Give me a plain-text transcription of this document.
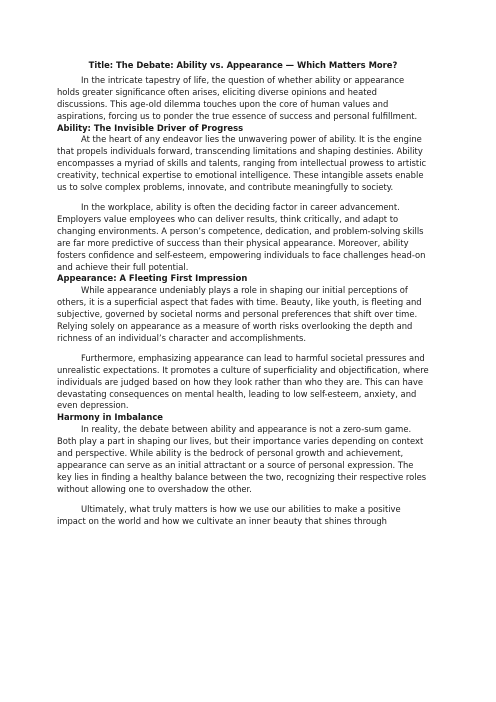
Title: The Debate: Ability vs. Appearance — Which Matters More?

In the intricate tapestry of life, the question of whether ability or appearance holds greater significance often arises, eliciting diverse opinions and heated discussions. This age-old dilemma touches upon the core of human values and aspirations, forcing us to ponder the true essence of success and personal fulfillment.

Ability: The Invisible Driver of Progress

At the heart of any endeavor lies the unwavering power of ability. It is the engine that propels individuals forward, transcending limitations and shaping destinies. Ability encompasses a myriad of skills and talents, ranging from intellectual prowess to artistic creativity, technical expertise to emotional intelligence. These intangible assets enable us to solve complex problems, innovate, and contribute meaningfully to society.

In the workplace, ability is often the deciding factor in career advancement. Employers value employees who can deliver results, think critically, and adapt to changing environments. A person’s competence, dedication, and problem-solving skills are far more predictive of success than their physical appearance. Moreover, ability fosters confidence and self-esteem, empowering individuals to face challenges head-on and achieve their full potential.

Appearance: A Fleeting First Impression

While appearance undeniably plays a role in shaping our initial perceptions of others, it is a superficial aspect that fades with time. Beauty, like youth, is fleeting and subjective, governed by societal norms and personal preferences that shift over time. Relying solely on appearance as a measure of worth risks overlooking the depth and richness of an individual’s character and accomplishments.

Furthermore, emphasizing appearance can lead to harmful societal pressures and unrealistic expectations. It promotes a culture of superficiality and objectification, where individuals are judged based on how they look rather than who they are. This can have devastating consequences on mental health, leading to low self-esteem, anxiety, and even depression.

Harmony in Imbalance

In reality, the debate between ability and appearance is not a zero-sum game. Both play a part in shaping our lives, but their importance varies depending on context and perspective. While ability is the bedrock of personal growth and achievement, appearance can serve as an initial attractant or a source of personal expression. The key lies in finding a healthy balance between the two, recognizing their respective roles without allowing one to overshadow the other.

Ultimately, what truly matters is how we use our abilities to make a positive impact on the world and how we cultivate an inner beauty that shines through
